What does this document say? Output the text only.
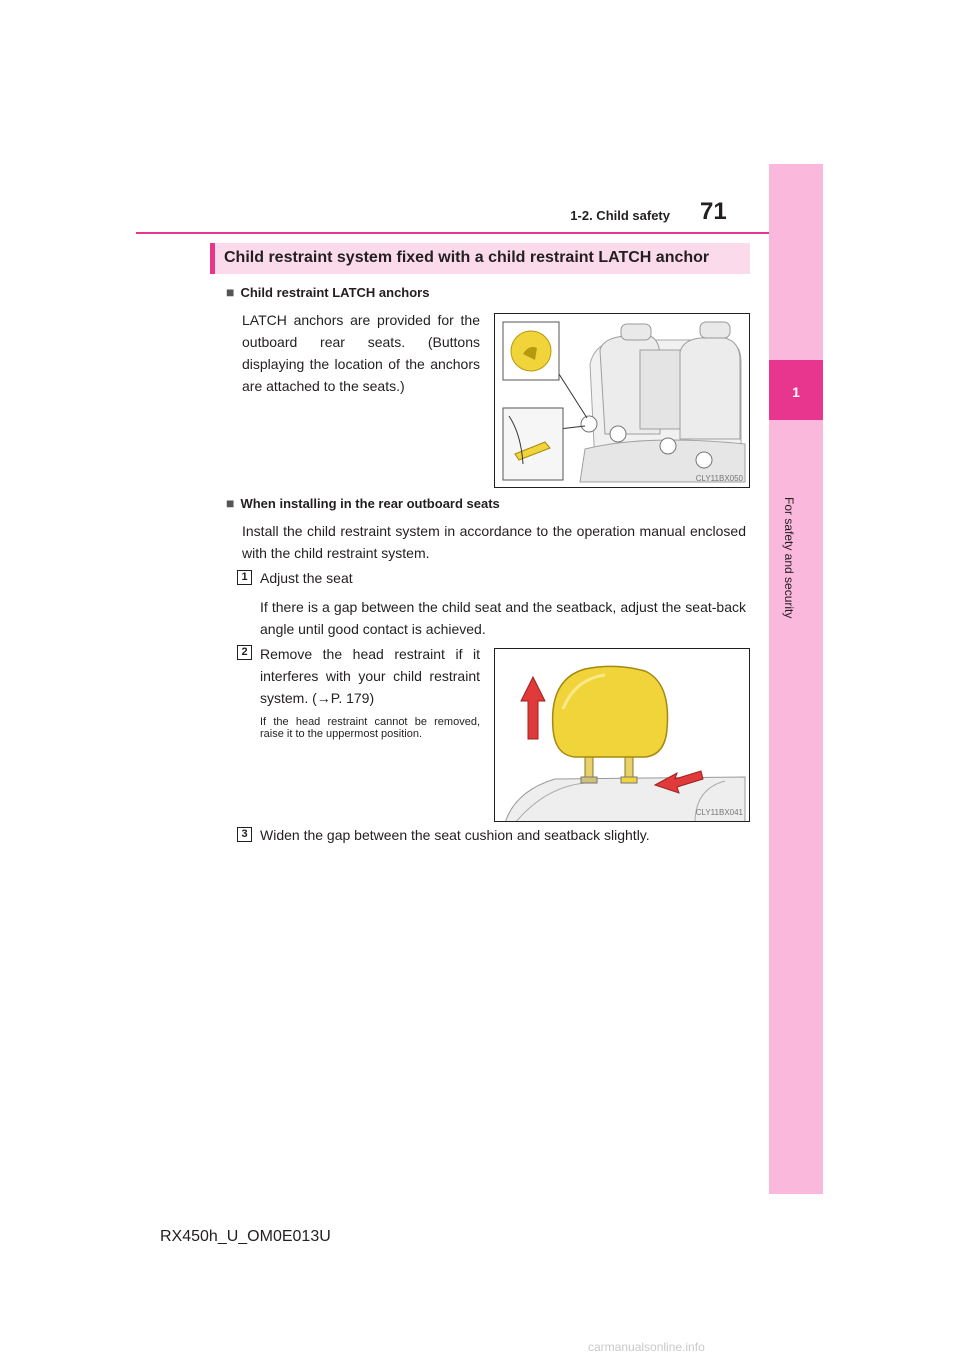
1-2. Child safety 71
1
For safety and security
Child restraint system fixed with a child restraint LATCH anchor
■ Child restraint LATCH anchors
LATCH anchors are provided for the outboard rear seats. (Buttons displaying the location of the anchors are attached to the seats.)
CLY11BX050
■ When installing in the rear outboard seats
Install the child restraint system in accordance to the operation manual enclosed with the child restraint system.
1 Adjust the seat
If there is a gap between the child seat and the seatback, adjust the seat-back angle until good contact is achieved.
2 Remove the head restraint if it interferes with your child restraint system. (→P. 179)
If the head restraint cannot be removed, raise it to the uppermost position.
CLY11BX041
3 Widen the gap between the seat cushion and seatback slightly.
RX450h_U_OM0E013U
carmanualsonline.info
